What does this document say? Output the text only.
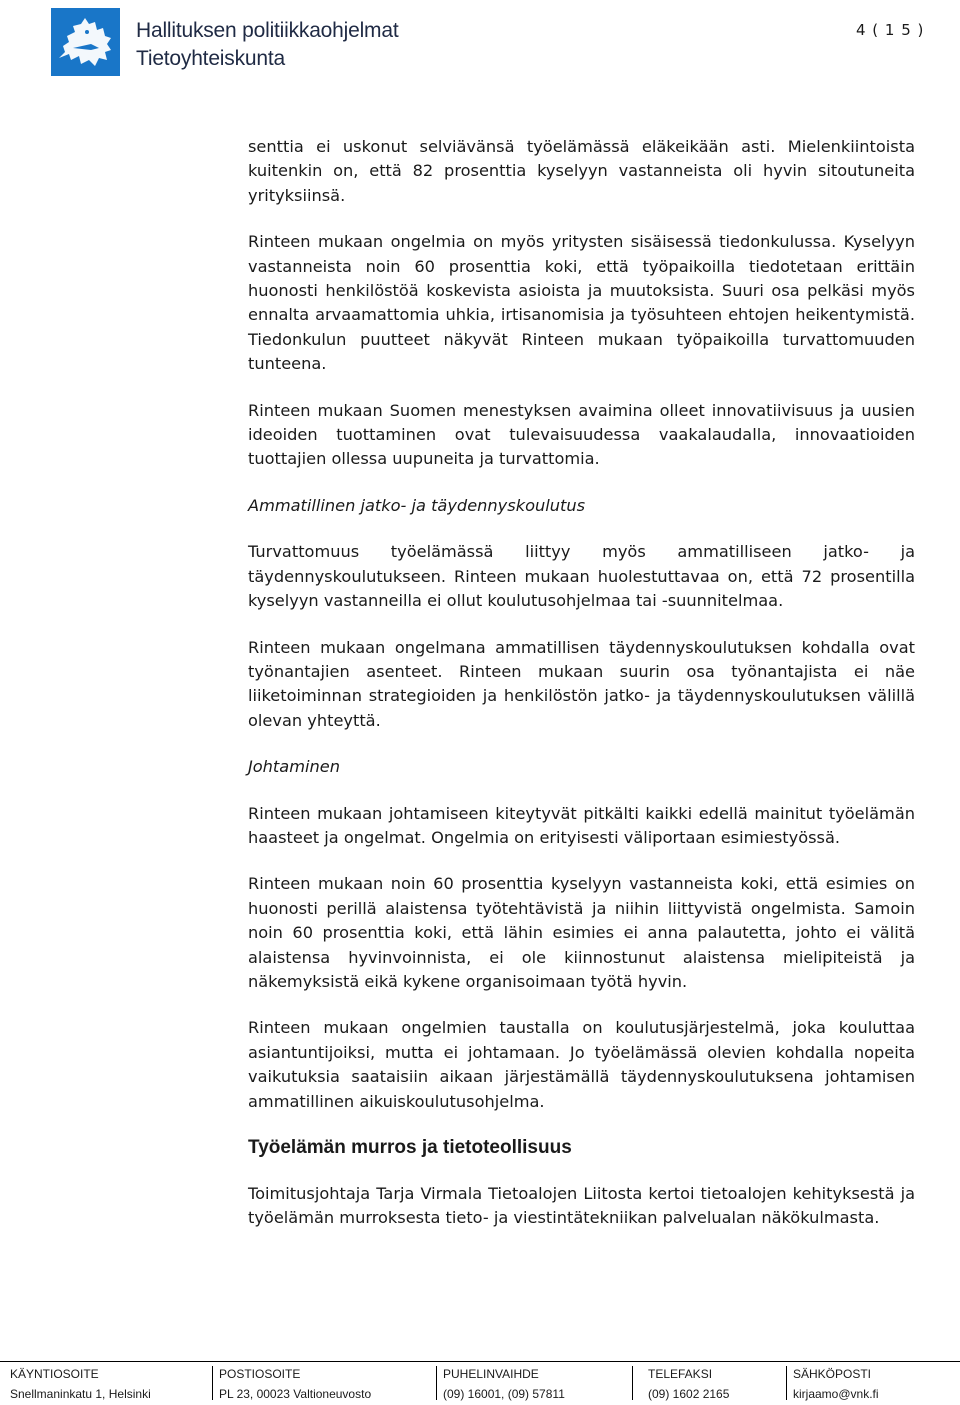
Hallituksen politiikkaohjelmat
Tietoyhteiskunta
4 ( 1 5 )

senttia ei uskonut selviävänsä työelämässä eläkeikään asti. Mielenkiintoista kuitenkin on, että 82 prosenttia kyselyyn vastanneista oli hyvin sitoutuneita yrityksiinsä.

Rinteen mukaan ongelmia on myös yritysten sisäisessä tiedonkulussa. Kyselyyn vastanneista noin 60 prosenttia koki, että työpaikoilla tiedotetaan erittäin huonosti henkilöstöä koskevista asioista ja muutoksista. Suuri osa pelkäsi myös ennalta arvaamattomia uhkia, irtisanomisia ja työsuhteen ehtojen heikentymistä. Tiedonkulun puutteet näkyvät Rinteen mukaan työpaikoilla turvattomuuden tunteena.

Rinteen mukaan Suomen menestyksen avaimina olleet innovatiivisuus ja uusien ideoiden tuottaminen ovat tulevaisuudessa vaakalaudalla, innovaatioiden tuottajien ollessa uupuneita ja turvattomia.

Ammatillinen jatko- ja täydennyskoulutus

Turvattomuus työelämässä liittyy myös ammatilliseen jatko- ja täydennyskoulutukseen. Rinteen mukaan huolestuttavaa on, että 72 prosentilla kyselyyn vastanneilla ei ollut koulutusohjelmaa tai -suunnitelmaa.

Rinteen mukaan ongelmana ammatillisen täydennyskoulutuksen kohdalla ovat työnantajien asenteet. Rinteen mukaan suurin osa työnantajista ei näe liiketoiminnan strategioiden ja henkilöstön jatko- ja täydennyskoulutuksen välillä olevan yhteyttä.

Johtaminen

Rinteen mukaan johtamiseen kiteytyvät pitkälti kaikki edellä mainitut työelämän haasteet ja ongelmat. Ongelmia on erityisesti väliportaan esimiestyössä.

Rinteen mukaan noin 60 prosenttia kyselyyn vastanneista koki, että esimies on huonosti perillä alaistensa työtehtävistä ja niihin liittyvistä ongelmista. Samoin noin 60 prosenttia koki, että lähin esimies ei anna palautetta, johto ei välitä alaistensa hyvinvoinnista, ei ole kiinnostunut alaistensa mielipiteistä ja näkemyksistä eikä kykene organisoimaan työtä hyvin.

Rinteen mukaan ongelmien taustalla on koulutusjärjestelmä, joka kouluttaa asiantuntijoiksi, mutta ei johtamaan. Jo työelämässä olevien kohdalla nopeita vaikutuksia saataisiin aikaan järjestämällä täydennyskoulutuksena johtamisen ammatillinen aikuiskoulutusohjelma.

Työelämän murros ja tietoteollisuus

Toimitusjohtaja Tarja Virmala Tietoalojen Liitosta kertoi tietoalojen kehityksestä ja työelämän murroksesta tieto- ja viestintätekniikan palvelualan näkökulmasta.

KÄYNTIOSOITE
Snellmaninkatu 1, Helsinki
POSTIOSOITE
PL 23, 00023 Valtioneuvosto
PUHELINVAIHDE
(09) 16001, (09) 57811
TELEFAKSI
(09) 1602 2165
SÄHKÖPOSTI
kirjaamo@vnk.fi
